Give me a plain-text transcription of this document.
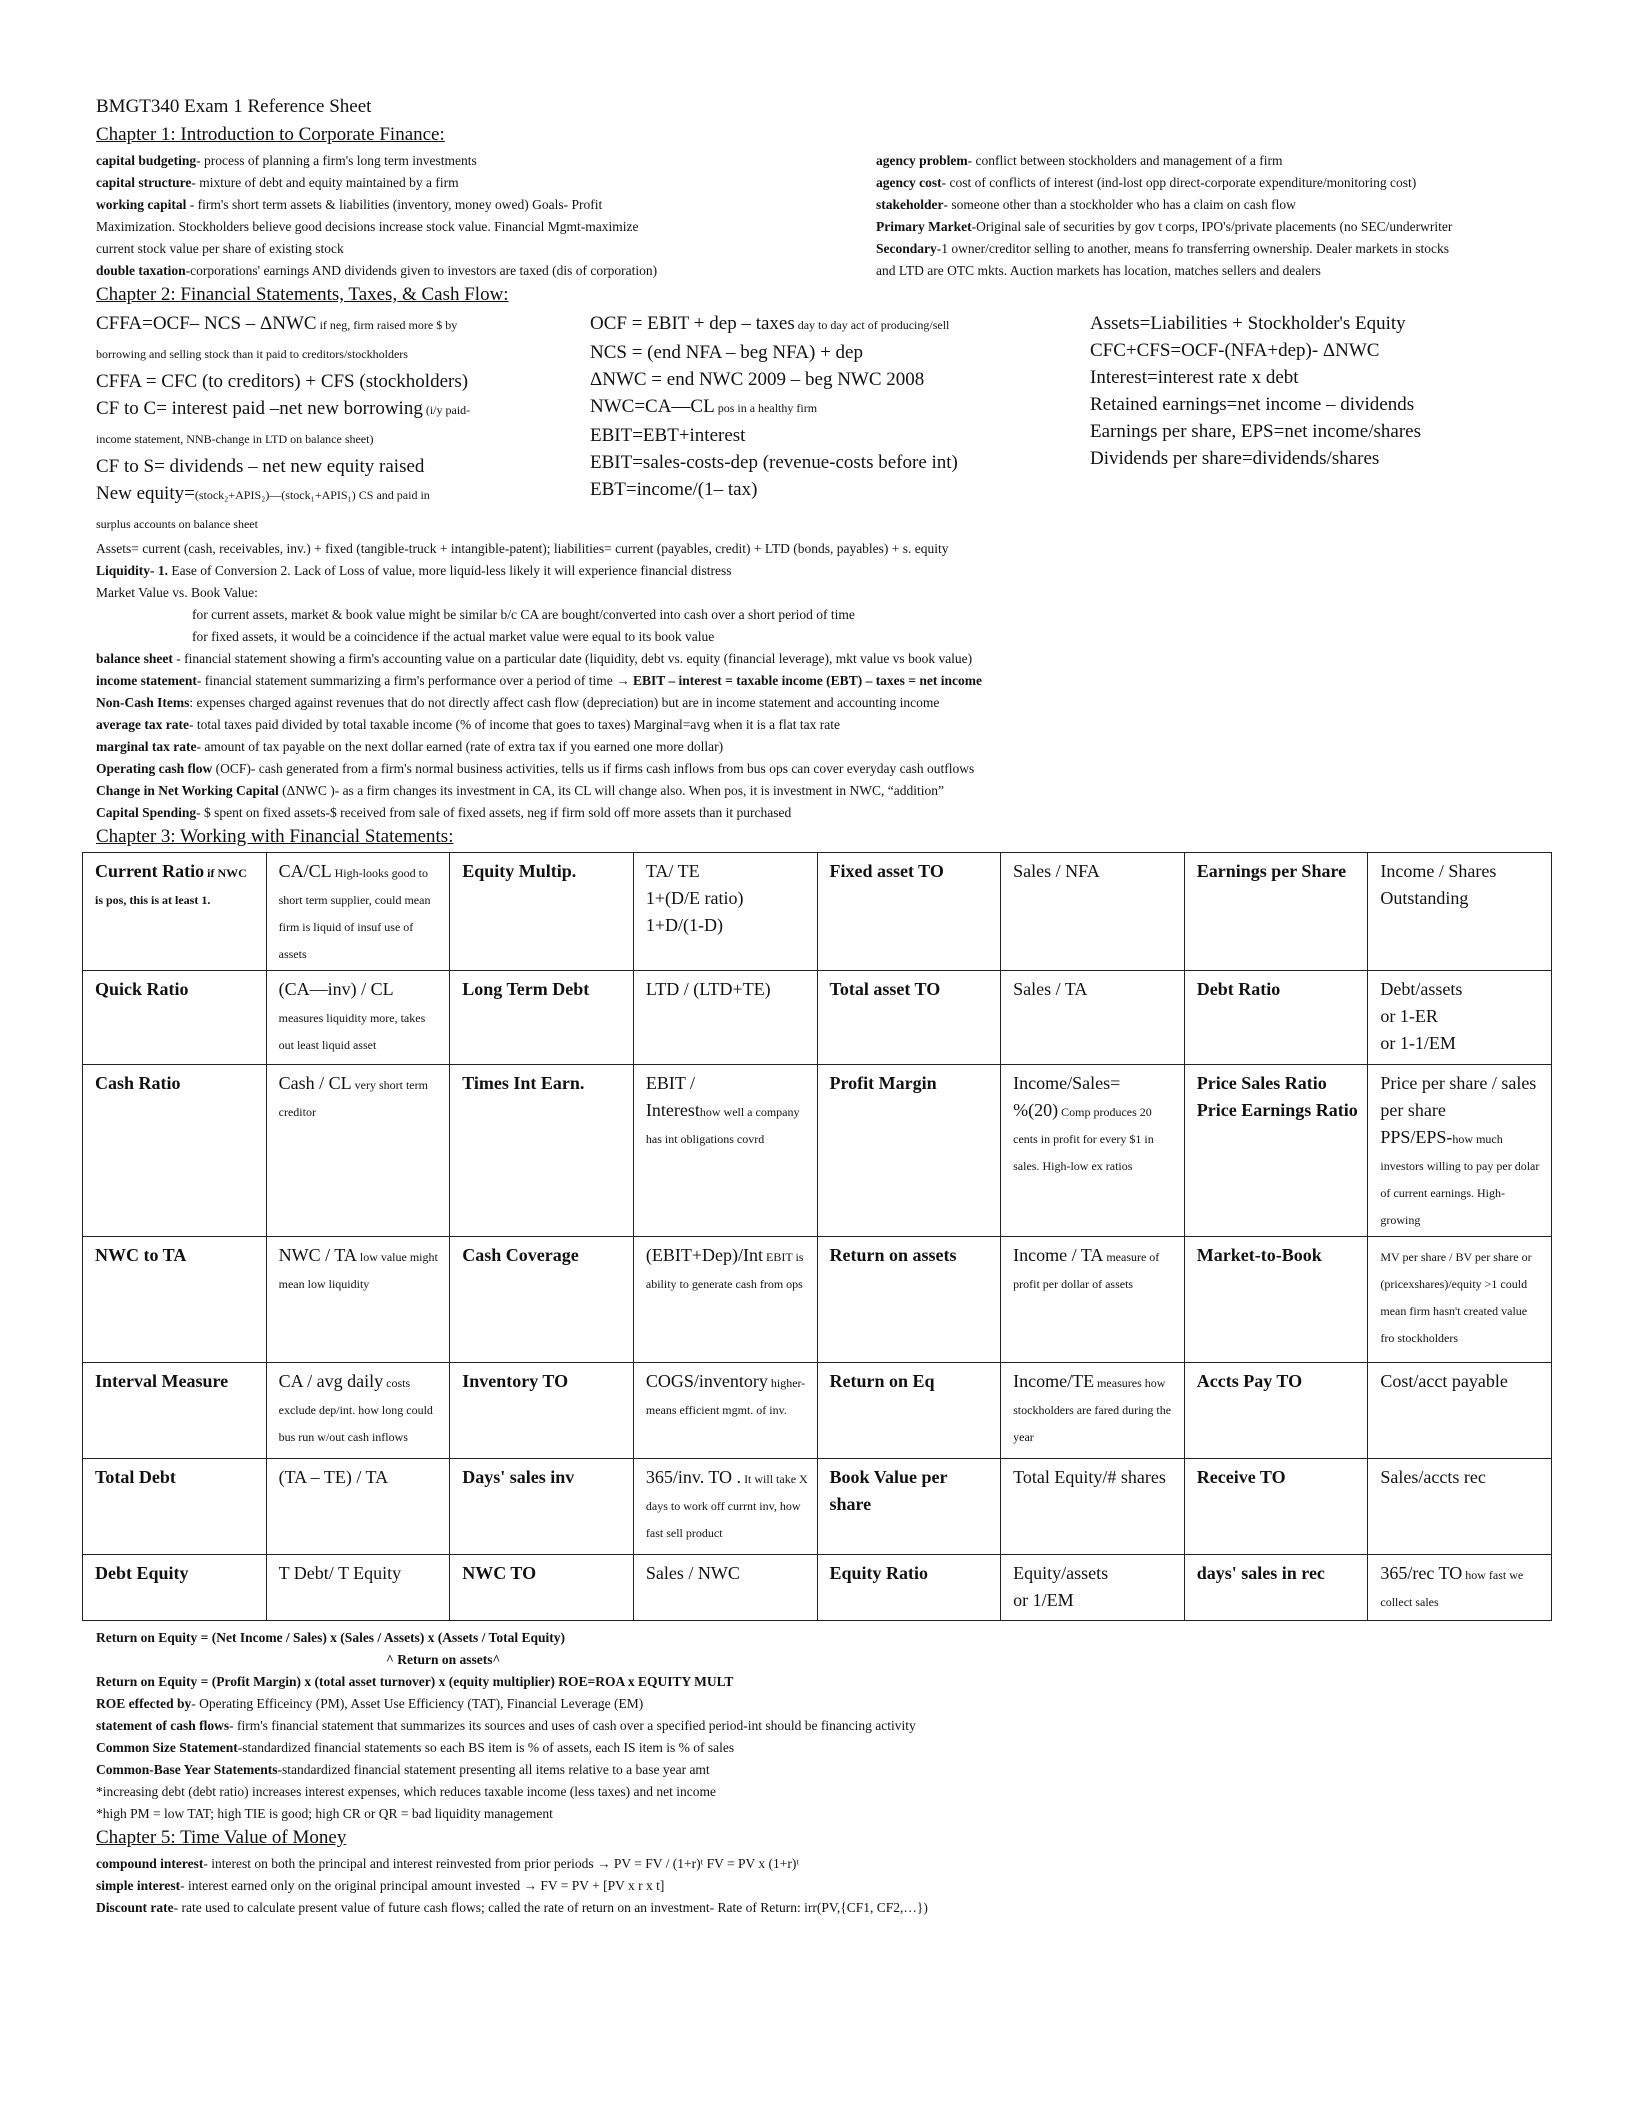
BMGT340 Exam 1 Reference Sheet
Chapter 1: Introduction to Corporate Finance:
capital budgeting- process of planning a firm's long term investments
capital structure- mixture of debt and equity maintained by a firm
working capital - firm's short term assets & liabilities (inventory, money owed) Goals- Profit
Maximization. Stockholders believe good decisions increase stock value. Financial Mgmt-maximize
current stock value per share of existing stock
double taxation-corporations' earnings AND dividends given to investors are taxed (dis of corporation)
agency problem- conflict between stockholders and management of a firm
agency cost- cost of conflicts of interest (ind-lost opp direct-corporate expenditure/monitoring cost)
stakeholder- someone other than a stockholder who has a claim on cash flow
Primary Market-Original sale of securities by gov t corps, IPO's/private placements (no SEC/underwriter
Secondary-1 owner/creditor selling to another, means fo transferring ownership. Dealer markets in stocks
and LTD are OTC mkts. Auction markets has location, matches sellers and dealers
Chapter 2: Financial Statements, Taxes, & Cash Flow:
CFFA=OCF– NCS – ΔNWC if neg, firm raised more $ by
borrowing and selling stock than it paid to creditors/stockholders
CFFA = CFC (to creditors) + CFS (stockholders)
CF to C= interest paid –net new borrowing (i/y paid-
income statement, NNB-change in LTD on balance sheet)
CF to S= dividends – net new equity raised
New equity=(stock₂+APIS₂)—(stock₁+APIS₁) CS and paid in
surplus accounts on balance sheet
OCF = EBIT + dep – taxes day to day act of producing/sell
NCS = (end NFA – beg NFA) + dep
ΔNWC = end NWC 2009 – beg NWC 2008
NWC=CA—CL pos in a healthy firm
EBIT=EBT+interest
EBIT=sales-costs-dep (revenue-costs before int)
EBT=income/(1– tax)
Assets=Liabilities + Stockholder's Equity
CFC+CFS=OCF-(NFA+dep)- ΔNWC
Interest=interest rate x debt
Retained earnings=net income – dividends
Earnings per share, EPS=net income/shares
Dividends per share=dividends/shares
Assets= current (cash, receivables, inv.) + fixed (tangible-truck + intangible-patent); liabilities= current (payables, credit) + LTD (bonds, payables) + s. equity
Liquidity- 1. Ease of Conversion 2. Lack of Loss of value, more liquid-less likely it will experience financial distress
Market Value vs. Book Value:
for current assets, market & book value might be similar b/c CA are bought/converted into cash over a short period of time
for fixed assets, it would be a coincidence if the actual market value were equal to its book value
balance sheet - financial statement showing a firm's accounting value on a particular date (liquidity, debt vs. equity (financial leverage), mkt value vs book value)
income statement- financial statement summarizing a firm's performance over a period of time → EBIT – interest = taxable income (EBT) – taxes = net income
Non-Cash Items: expenses charged against revenues that do not directly affect cash flow (depreciation) but are in income statement and accounting income
average tax rate- total taxes paid divided by total taxable income (% of income that goes to taxes) Marginal=avg when it is a flat tax rate
marginal tax rate- amount of tax payable on the next dollar earned (rate of extra tax if you earned one more dollar)
Operating cash flow (OCF)- cash generated from a firm's normal business activities, tells us if firms cash inflows from bus ops can cover everyday cash outflows
Change in Net Working Capital (ΔNWC )- as a firm changes its investment in CA, its CL will change also. When pos, it is investment in NWC, “addition”
Capital Spending- $ spent on fixed assets-$ received from sale of fixed assets, neg if firm sold off more assets than it purchased
Chapter 3: Working with Financial Statements:
Current Ratio if NWC is pos, this is at least 1.	CA/CL High-looks good to short term supplier, could mean firm is liquid of insuf use of assets	Equity Multip.	TA/ TE
1+(D/E ratio)
1+D/(1-D)	Fixed asset TO	Sales / NFA	Earnings per Share	Income / Shares Outstanding
Quick Ratio	(CA—inv) / CL measures liquidity more, takes out least liquid asset	Long Term Debt	LTD / (LTD+TE)	Total asset TO	Sales / TA	Debt Ratio	Debt/assets
or 1-ER
or 1-1/EM
Cash Ratio	Cash / CL very short term creditor	Times Int Earn.	EBIT /
Interesthow well a company has int obligations covrd	Profit Margin	Income/Sales=
%(20) Comp produces 20 cents in profit for every $1 in sales. High-low ex ratios	Price Sales Ratio
Price Earnings Ratio	Price per share / sales per share
PPS/EPS-how much investors willing to pay per dolar of current earnings. High-growing
NWC to TA	NWC / TA low value might mean low liquidity	Cash Coverage	(EBIT+Dep)/Int EBIT is ability to generate cash from ops	Return on assets	Income / TA measure of profit per dollar of assets	Market-to-Book	MV per share / BV per share or (pricexshares)/equity >1 could mean firm hasn't created value fro stockholders
Interval Measure	CA / avg daily costs exclude dep/int. how long could bus run w/out cash inflows	Inventory TO	COGS/inventory higher-means efficient mgmt. of inv.	Return on Eq	Income/TE measures how stockholders are fared during the year	Accts Pay TO	Cost/acct payable
Total Debt	(TA – TE) / TA	Days' sales inv	365/inv. TO . It will take X days to work off currnt inv, how fast sell product	Book Value per share	Total Equity/# shares	Receive TO	Sales/accts rec
Debt Equity	T Debt/ T Equity	NWC TO	Sales / NWC	Equity Ratio	Equity/assets
or 1/EM	days' sales in rec	365/rec TO how fast we collect sales
Return on Equity = (Net Income / Sales) x (Sales / Assets) x (Assets / Total Equity)
^ Return on assets^
Return on Equity = (Profit Margin) x (total asset turnover) x (equity multiplier) ROE=ROA x EQUITY MULT
ROE effected by- Operating Efficeincy (PM), Asset Use Efficiency (TAT), Financial Leverage (EM)
statement of cash flows- firm's financial statement that summarizes its sources and uses of cash over a specified period-int should be financing activity
Common Size Statement-standardized financial statements so each BS item is % of assets, each IS item is % of sales
Common-Base Year Statements-standardized financial statement presenting all items relative to a base year amt
*increasing debt (debt ratio) increases interest expenses, which reduces taxable income (less taxes) and net income
*high PM = low TAT; high TIE is good; high CR or QR = bad liquidity management
Chapter 5: Time Value of Money
compound interest- interest on both the principal and interest reinvested from prior periods → PV = FV / (1+r)ᵗ FV = PV x (1+r)ᵗ
simple interest- interest earned only on the original principal amount invested → FV = PV + [PV x r x t]
Discount rate- rate used to calculate present value of future cash flows; called the rate of return on an investment- Rate of Return: irr(PV,{CF1, CF2,…})
